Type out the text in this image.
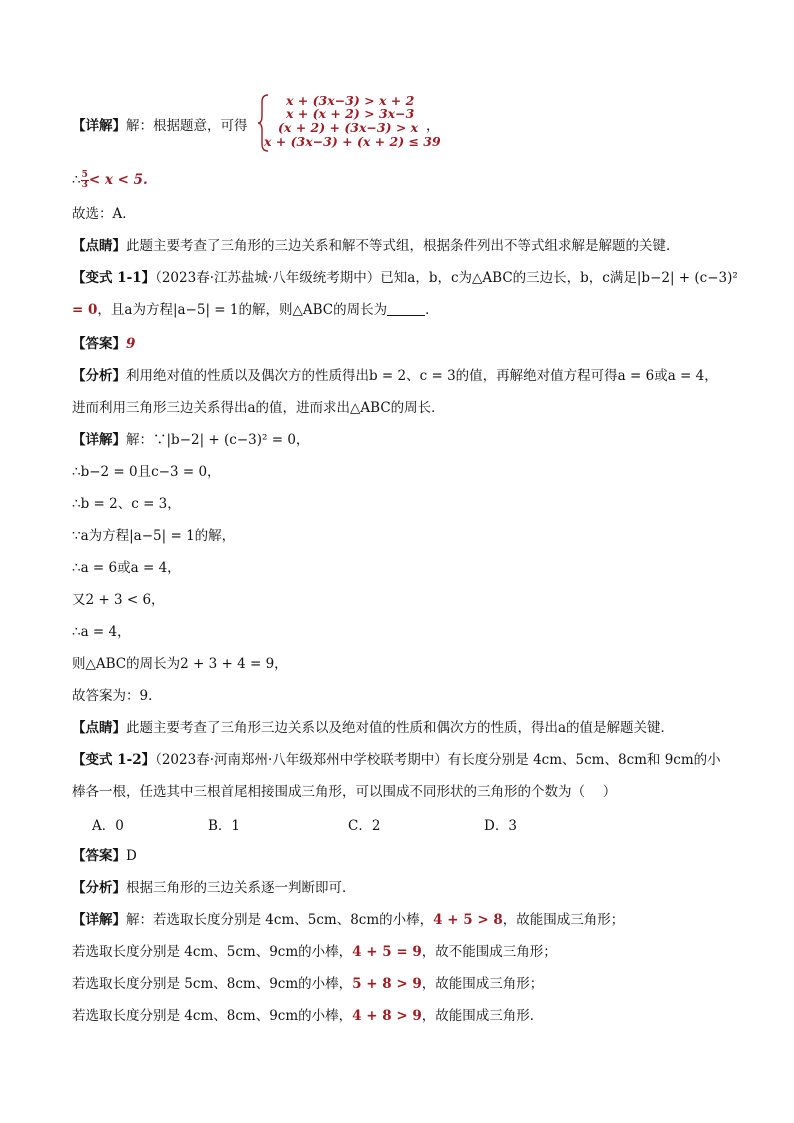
【详解】解：根据题意，可得
x + (3x−3) > x + 2
x + (x + 2) > 3x−3
(x + 2) + (3x−3) > x
x + (3x−3) + (x + 2) ≤ 39
，
∴ $\frac{5}{3} < x < 5$.
故选：A．
【点睛】此题主要考查了三角形的三边关系和解不等式组，根据条件列出不等式组求解是解题的关键．
【变式 1-1】（2023春·江苏盐城·八年级统考期中）已知a，b，c为△ABC的三边长，b，c满足|b−2| + (c−3)²
= 0，且a为方程|a−5| = 1的解，则△ABC的周长为	．
【答案】9
【分析】利用绝对值的性质以及偶次方的性质得出b = 2、c = 3的值，再解绝对值方程可得a = 6或a = 4，
进而利用三角形三边关系得出a的值，进而求出△ABC的周长．
【详解】解：∵|b−2| + (c−3)² = 0，
∴b−2 = 0且c−3 = 0，
∴b = 2、c = 3，
∵a为方程|a−5| = 1的解，
∴a = 6或a = 4，
又2 + 3 < 6，
∴a = 4，
则△ABC的周长为2 + 3 + 4 = 9，
故答案为：9．
【点睛】此题主要考查了三角形三边关系以及绝对值的性质和偶次方的性质，得出a的值是解题关键．
【变式 1-2】（2023春·河南郑州·八年级郑州中学校联考期中）有长度分别是 4cm、5cm、8cm和 9cm的小
棒各一根，任选其中三根首尾相接围成三角形，可以围成不同形状的三角形的个数为（　 ）
A．0	B．1	C．2	D．3
【答案】D
【分析】根据三角形的三边关系逐一判断即可．
【详解】解：若选取长度分别是 4cm、5cm、8cm的小棒，4 + 5 > 8，故能围成三角形；
若选取长度分别是 4cm、5cm、9cm的小棒，4 + 5 = 9，故不能围成三角形；
若选取长度分别是 5cm、8cm、9cm的小棒，5 + 8 > 9，故能围成三角形；
若选取长度分别是 4cm、8cm、9cm的小棒，4 + 8 > 9，故能围成三角形．
